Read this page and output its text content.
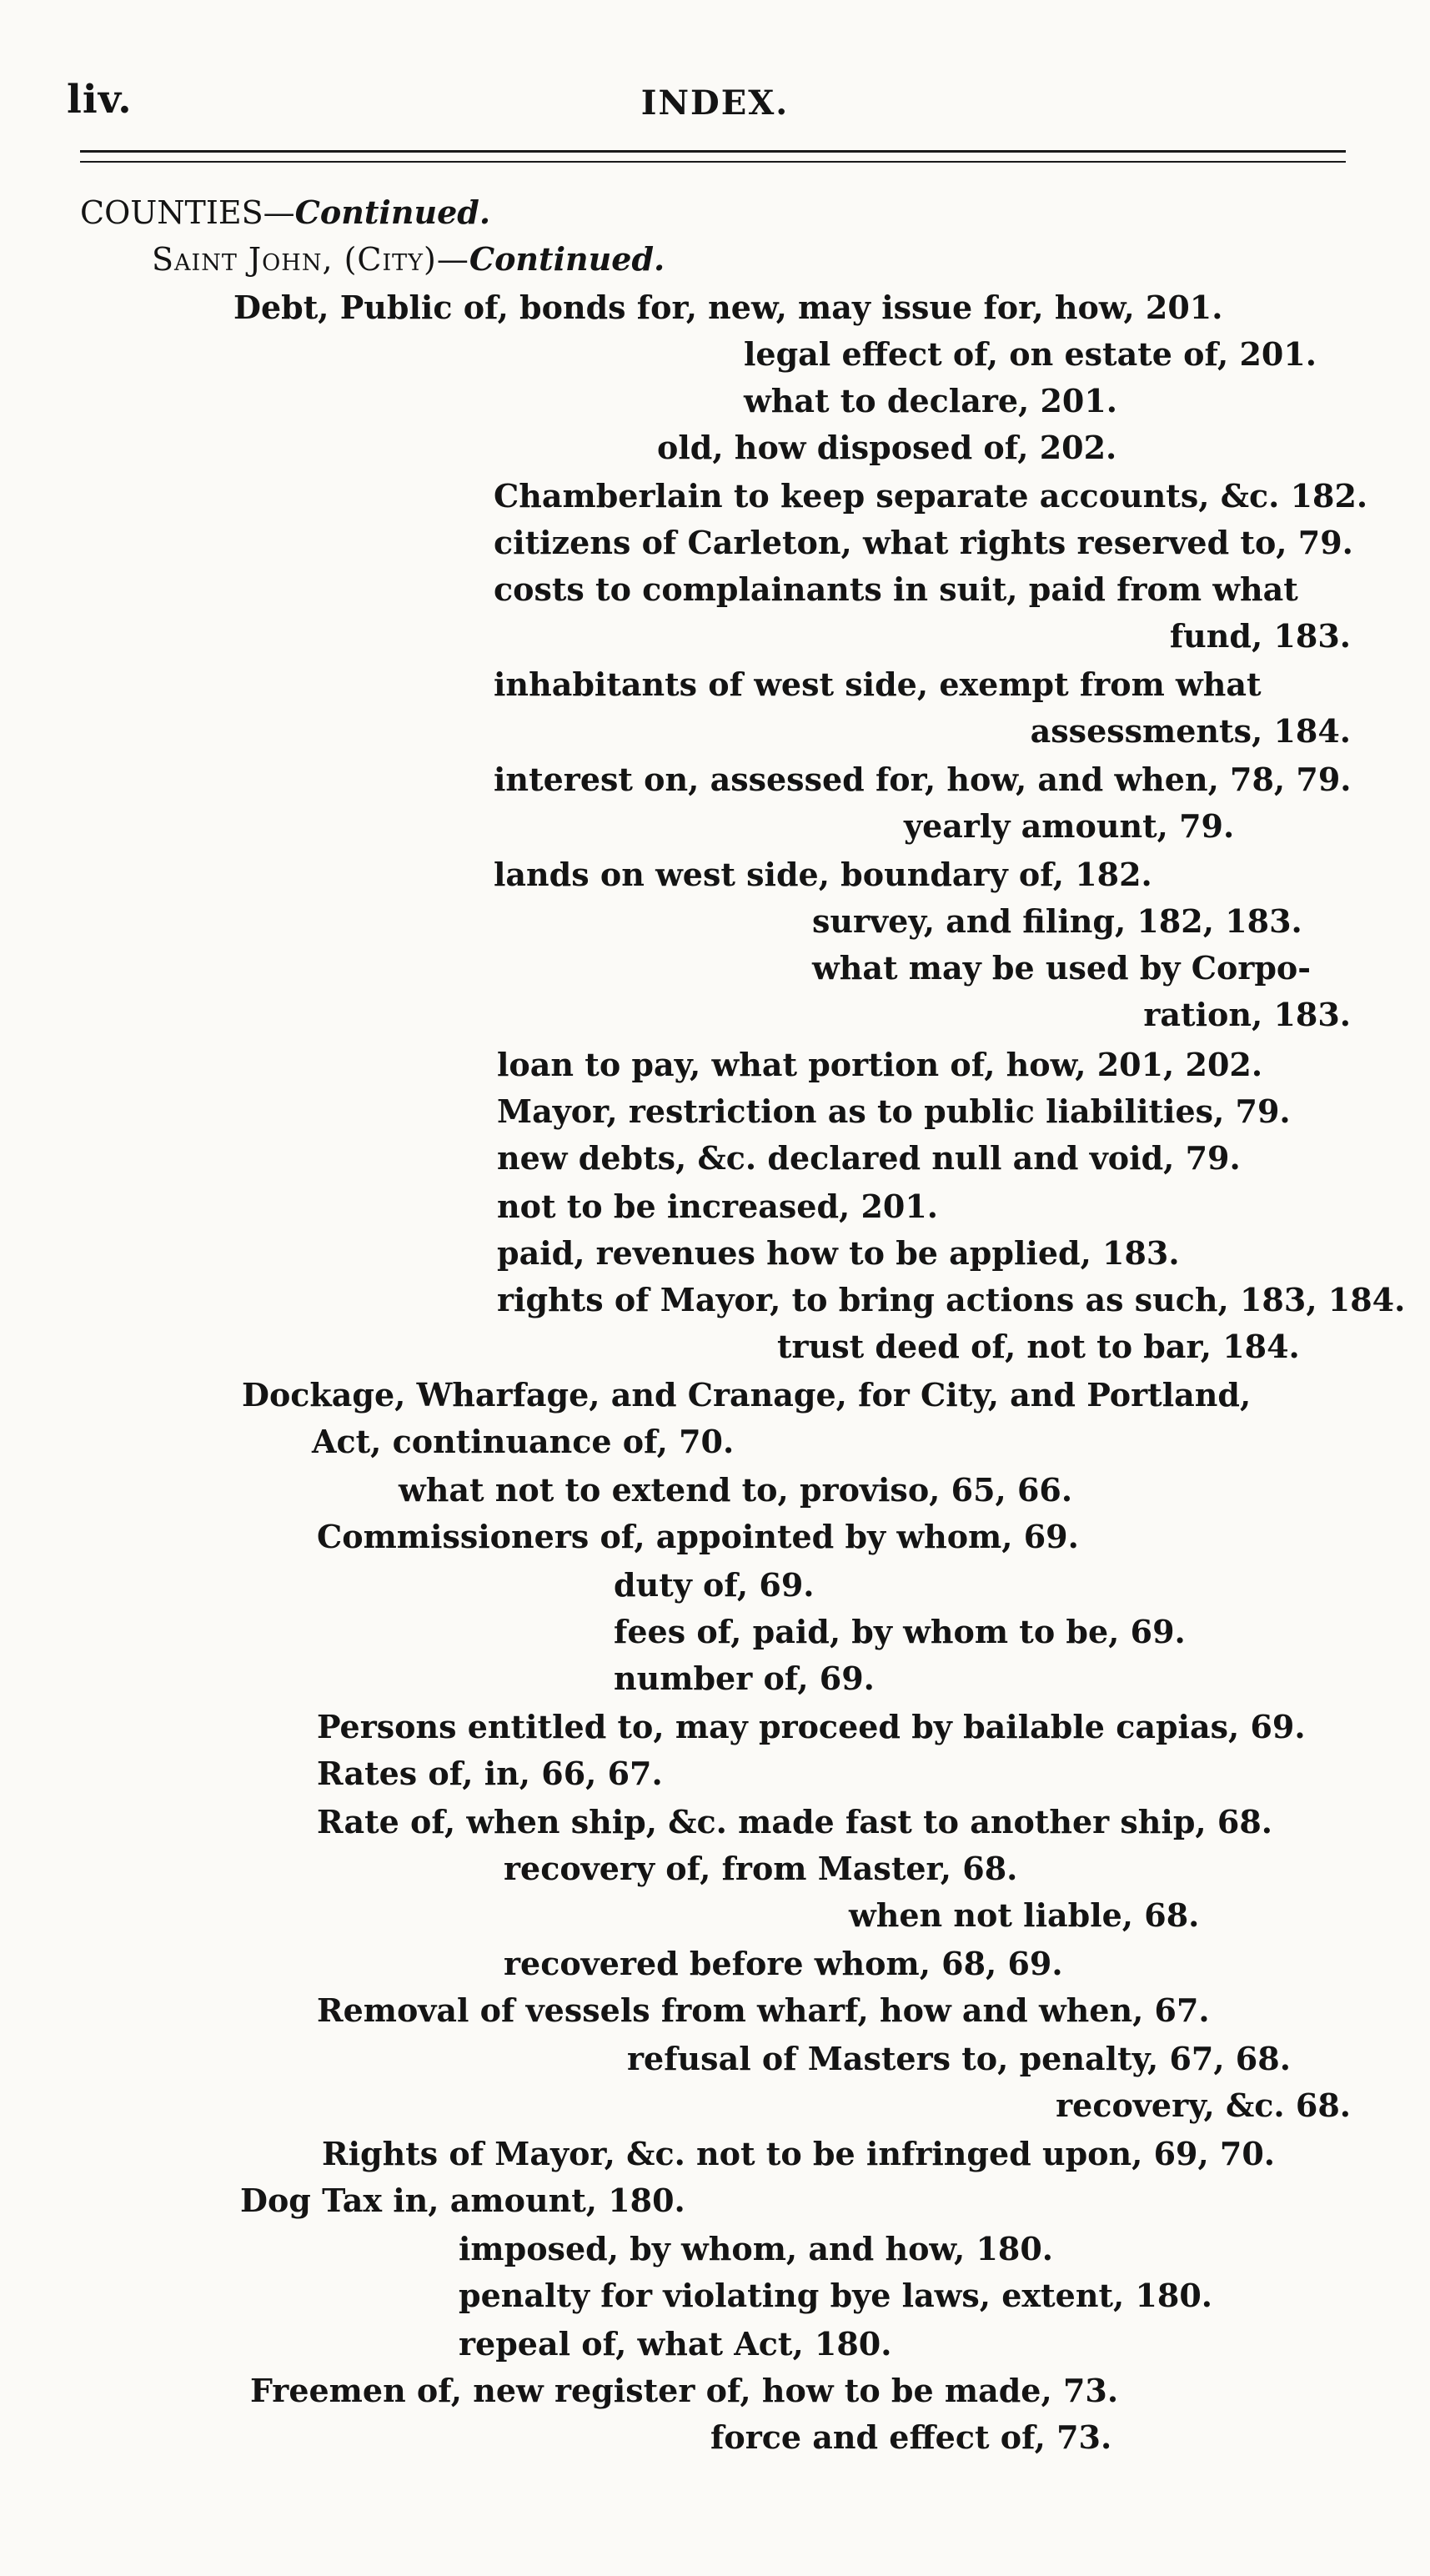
liv.	INDEX.
COUNTIES—Continued.
Saint John, (City)—Continued.
Debt, Public of, bonds for, new, may issue for, how, 201.
legal effect of, on estate of, 201.
what to declare, 201.
old, how disposed of, 202.
Chamberlain to keep separate accounts, &c. 182.
citizens of Carleton, what rights reserved to, 79.
costs to complainants in suit, paid from what
fund, 183.
inhabitants of west side, exempt from what
assessments, 184.
interest on, assessed for, how, and when, 78, 79.
yearly amount, 79.
lands on west side, boundary of, 182.
survey, and filing, 182, 183.
what may be used by Corpo-
ration, 183.
loan to pay, what portion of, how, 201, 202.
Mayor, restriction as to public liabilities, 79.
new debts, &c. declared null and void, 79.
not to be increased, 201.
paid, revenues how to be applied, 183.
rights of Mayor, to bring actions as such, 183, 184.
trust deed of, not to bar, 184.
Dockage, Wharfage, and Cranage, for City, and Portland,
Act, continuance of, 70.
what not to extend to, proviso, 65, 66.
Commissioners of, appointed by whom, 69.
duty of, 69.
fees of, paid, by whom to be, 69.
number of, 69.
Persons entitled to, may proceed by bailable capias, 69.
Rates of, in, 66, 67.
Rate of, when ship, &c. made fast to another ship, 68.
recovery of, from Master, 68.
when not liable, 68.
recovered before whom, 68, 69.
Removal of vessels from wharf, how and when, 67.
refusal of Masters to, penalty, 67, 68.
recovery, &c. 68.
Rights of Mayor, &c. not to be infringed upon, 69, 70.
Dog Tax in, amount, 180.
imposed, by whom, and how, 180.
penalty for violating bye laws, extent, 180.
repeal of, what Act, 180.
Freemen of, new register of, how to be made, 73.
force and effect of, 73.
